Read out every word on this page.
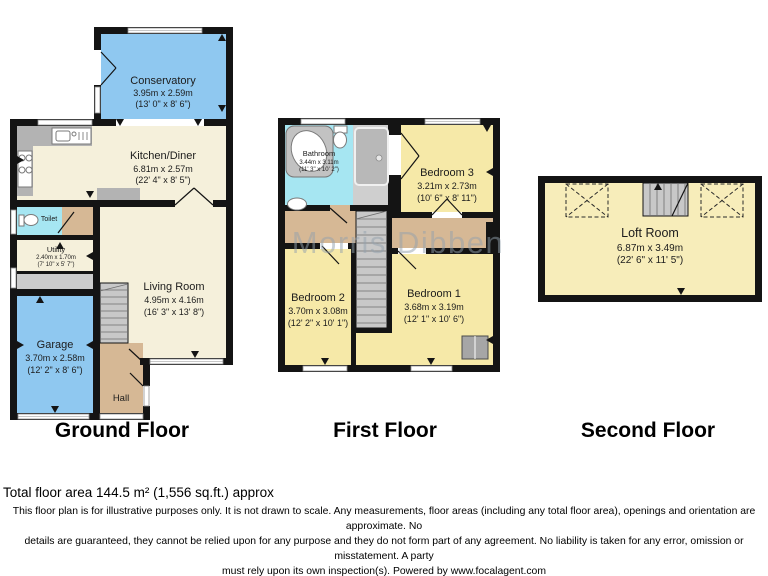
Conservatory
3.95m x 2.59m
(13' 0" x 8' 6")
Kitchen/Diner
6.81m x 2.57m
(22' 4" x 8' 5")
Toilet
Utility
2.40m x 1.70m
(7' 10" x 5' 7")
Living Room
4.95m x 4.16m
(16' 3" x 13' 8")
Garage
3.70m x 2.58m
(12' 2" x 8' 6")
Hall
Bathroom
3.44m x 3.11m
(11' 3" x 10' 2")	Bedroom 3
3.21m x 2.73m
(10' 6" x 8' 11")
Bedroom 2
3.70m x 3.08m
(12' 2" x 10' 1")
Bedroom 1
3.68m x 3.19m
(12' 1" x 10' 6")
Morris Dibben	Loft Room
6.87m x 3.49m
(22' 6" x 11' 5")
Ground Floor	First Floor	Second Floor
Total floor area 144.5 m² (1,556 sq.ft.) approx
This floor plan is for illustrative purposes only. It is not drawn to scale. Any measurements, floor areas (including any total floor area), openings and orientation are approximate. No
details are guaranteed, they cannot be relied upon for any purpose and they do not form part of any agreement. No liability is taken for any error, omission or misstatement. A party
must rely upon its own inspection(s). Powered by www.focalagent.com
